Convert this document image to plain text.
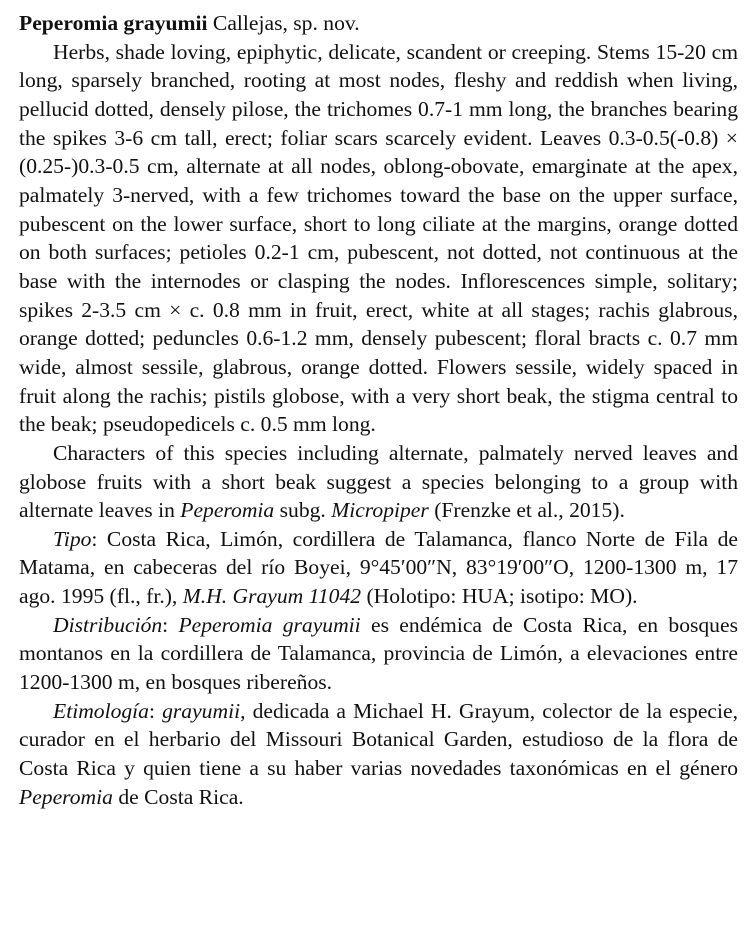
Peperomia grayumii Callejas, sp. nov.

Herbs, shade loving, epiphytic, delicate, scandent or creeping. Stems 15-20 cm long, sparsely branched, rooting at most nodes, fleshy and reddish when living, pellucid dotted, densely pilose, the trichomes 0.7-1 mm long, the branches bearing the spikes 3-6 cm tall, erect; foliar scars scarcely evident. Leaves 0.3-0.5(-0.8) × (0.25-)0.3-0.5 cm, alternate at all nodes, oblong-obovate, emarginate at the apex, palmately 3-nerved, with a few trichomes toward the base on the upper surface, pubescent on the lower surface, short to long ciliate at the margins, orange dotted on both surfaces; petioles 0.2-1 cm, pubescent, not dotted, not continuous at the base with the internodes or clasping the nodes. Inflorescences simple, solitary; spikes 2-3.5 cm × c. 0.8 mm in fruit, erect, white at all stages; rachis glabrous, orange dotted; peduncles 0.6-1.2 mm, densely pubescent; floral bracts c. 0.7 mm wide, almost sessile, glabrous, orange dotted. Flowers sessile, widely spaced in fruit along the rachis; pistils globose, with a very short beak, the stigma central to the beak; pseudopedicels c. 0.5 mm long.

Characters of this species including alternate, palmately nerved leaves and globose fruits with a short beak suggest a species belonging to a group with alternate leaves in Peperomia subg. Micropiper (Frenzke et al., 2015).

Tipo: Costa Rica, Limón, cordillera de Talamanca, flanco Norte de Fila de Matama, en cabeceras del río Boyei, 9°45′00″N, 83°19′00″O, 1200-1300 m, 17 ago. 1995 (fl., fr.), M.H. Grayum 11042 (Holotipo: HUA; isotipo: MO).

Distribución: Peperomia grayumii es endémica de Costa Rica, en bosques montanos en la cordillera de Talamanca, provincia de Limón, a elevaciones entre 1200-1300 m, en bosques ribereños.

Etimología: grayumii, dedicada a Michael H. Grayum, colector de la especie, curador en el herbario del Missouri Botanical Garden, estudioso de la flora de Costa Rica y quien tiene a su haber varias novedades taxonómicas en el género Peperomia de Costa Rica.
